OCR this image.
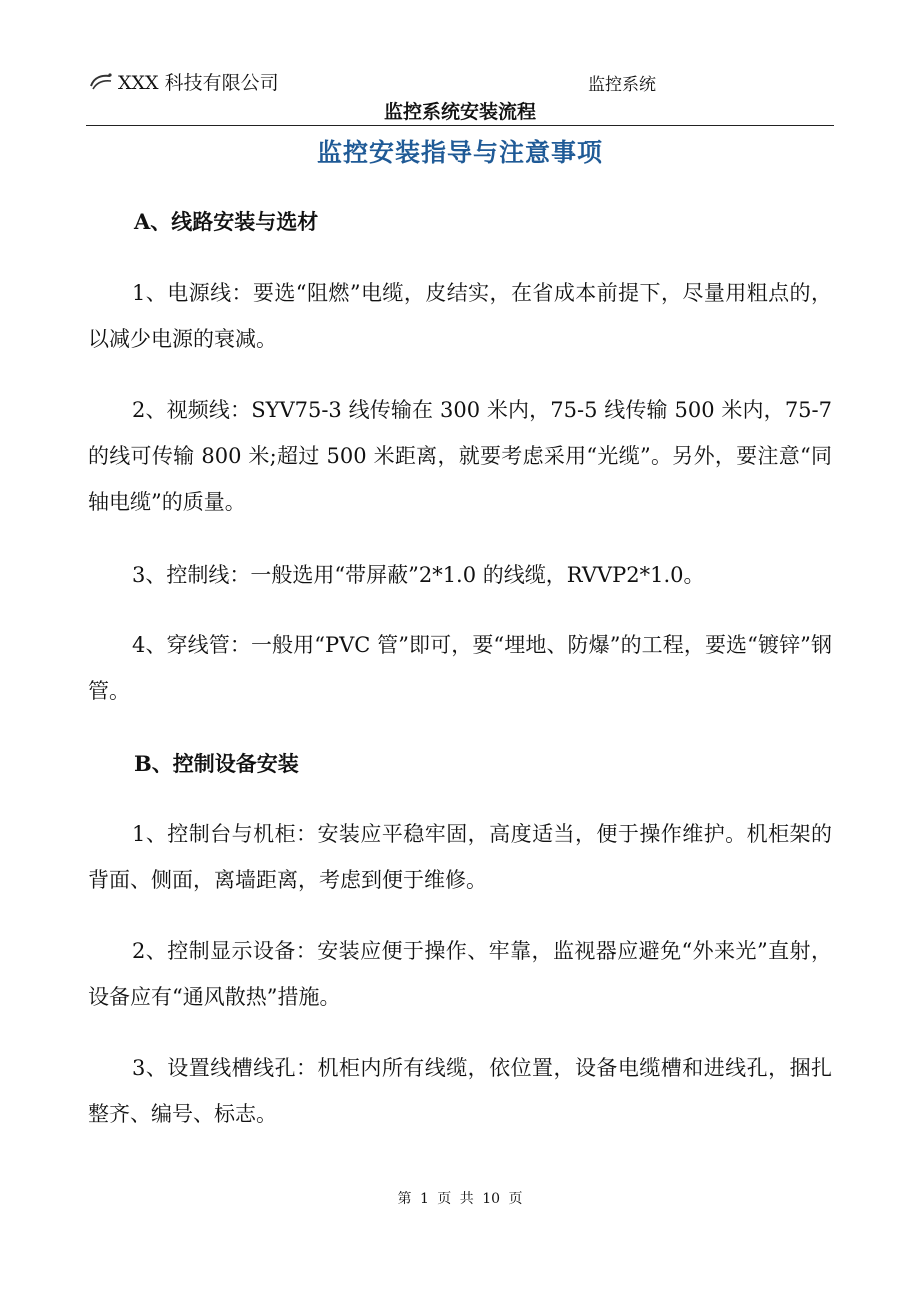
XXX 科技有限公司	监控系统
监控系统安装流程
监控安装指导与注意事项
A、线路安装与选材

1、电源线：要选“阻燃”电缆，皮结实，在省成本前提下，尽量用粗点的，以减少电源的衰减。

2、视频线：SYV75-3 线传输在 300 米内，75-5 线传输 500 米内，75-7 的线可传输 800 米;超过 500 米距离，就要考虑采用“光缆”。另外，要注意“同轴电缆”的质量。

3、控制线：一般选用“带屏蔽”2*1.0 的线缆，RVVP2*1.0。

4、穿线管：一般用“PVC 管”即可，要“埋地、防爆”的工程，要选“镀锌”钢管。

B、控制设备安装

1、控制台与机柜：安装应平稳牢固，高度适当，便于操作维护。机柜架的背面、侧面，离墙距离，考虑到便于维修。

2、控制显示设备：安装应便于操作、牢靠，监视器应避免“外来光”直射，设备应有“通风散热”措施。

3、设置线槽线孔：机柜内所有线缆，依位置，设备电缆槽和进线孔，捆扎整齐、编号、标志。

第 1 页 共 10 页
